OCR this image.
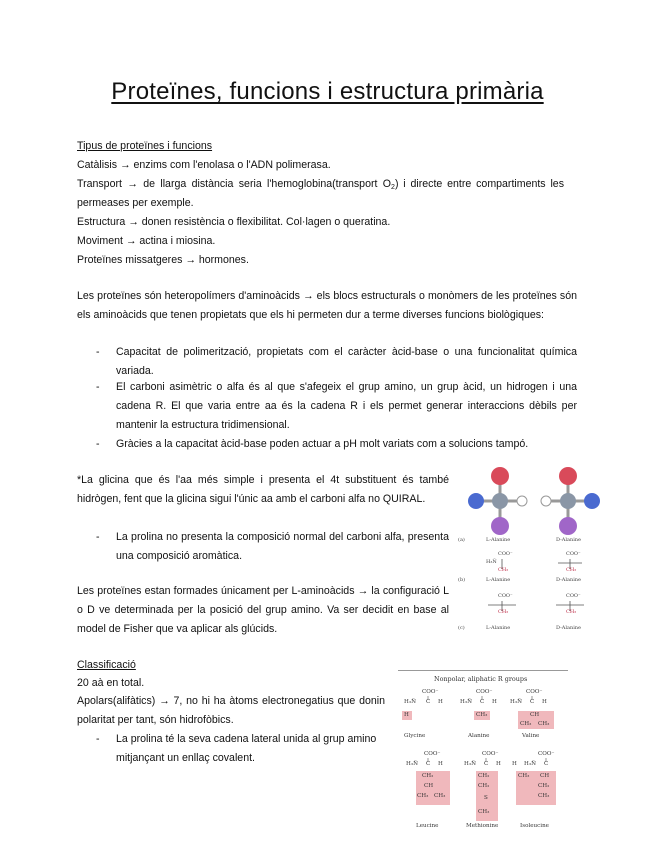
Proteïnes, funcions i estructura primària
Tipus de proteïnes i funcions
Catàlisis → enzims com l'enolasa o l'ADN polimerasa.
Transport → de llarga distància seria l'hemoglobina(transport $O_2$) i directe entre compartiments les
permeases per exemple.
Estructura → donen resistència o flexibilitat. Col·lagen o queratina.
Moviment → actina i miosina.
Proteïnes missatgeres → hormones.
Les proteïnes són heteropolímers d'aminoàcids → els blocs estructurals o monòmers de les proteïnes són els aminoàcids que tenen propietats que els hi permeten dur a terme diverses funcions biològiques:
- Capacitat de polimerització, propietats com el caràcter àcid-base o una funcionalitat química variada.
- El carboni asimètric o alfa és al que s'afegeix el grup amino, un grup àcid, un hidrogen i una cadena R. El que varia entre aa és la cadena R i els permet generar interaccions dèbils per mantenir la estructura tridimensional.
- Gràcies a la capacitat àcid-base poden actuar a pH molt variats com a solucions tampó.
*La glicina que és l'aa més simple i presenta el 4t substituent és també hidrògen, fent que la glicina sigui l'únic aa amb el carboni alfa no QUIRAL.
- La prolina no presenta la composició normal del carboni alfa, presenta una composició aromàtica.
Les proteïnes estan formades únicament per L-aminoàcids → la configuració L o D ve determinada per la posició del grup amino. Va ser decidit en base al model de Fisher que va aplicar als glúcids.
Classificació
20 aà en total.
Apolars(alifàtics) → 7, no hi ha àtoms electronegatius que donin polaritat per tant, són hidrofòbics.
- La prolina té la seva cadena lateral unida al grup amino mitjançant un enllaç covalent.
(a)	L-Alanine	D-Alanine
COO⁻
H₃N̈
CH₃
COO⁻
CH₃
(b)	L-Alanine	D-Alanine
COO⁻
CH₃
COO⁻
CH₃
(c)	L-Alanine	D-Alanine
Nonpolar, aliphatic R groups
COO⁻
H₃N̈ C H
H
COO⁻
H₃N̈ C H
CH₃
COO⁻
H₃N̈ C H
CH
CH₃ CH₃
Glycine	Alanine	Valine
COO⁻
H₃N̈ C H
CH₂
CH
CH₃ CH₃
COO⁻
H₃N̈ C H
CH₂
CH₂
S
CH₃
COO⁻
H H₃N̈ C
CH₃ CH
CH₂
CH₃
Leucine	Methionine	Isoleucine
